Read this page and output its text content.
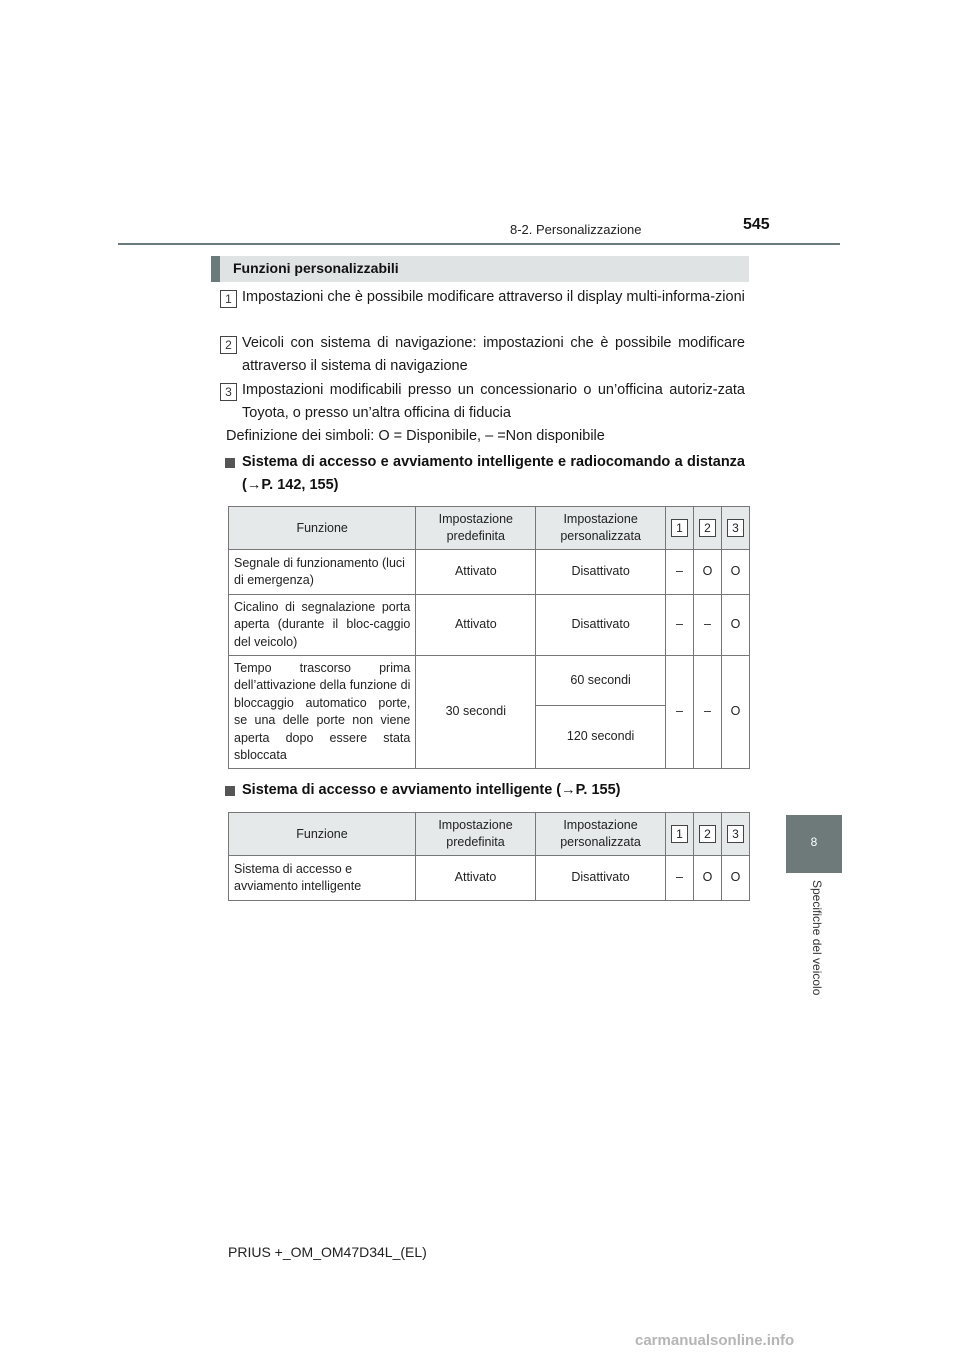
8-2. Personalizzazione	545
8
Specifiche del veicolo
Funzioni personalizzabili
1 Impostazioni che è possibile modificare attraverso il display multi-informa-zioni
2 Veicoli con sistema di navigazione: impostazioni che è possibile modificare attraverso il sistema di navigazione
3 Impostazioni modificabili presso un concessionario o un’officina autoriz-zata Toyota, o presso un’altra officina di fiducia
Definizione dei simboli: O = Disponibile, – =Non disponibile
Sistema di accesso e avviamento intelligente e radiocomando a distanza (→P. 142, 155)
Funzione	Impostazione predefinita	Impostazione personalizzata	1	2	3
Segnale di funzionamento (luci di emergenza)	Attivato	Disattivato	–	O	O
Cicalino di segnalazione porta aperta (durante il bloc-caggio del veicolo)	Attivato	Disattivato	–	–	O
Tempo trascorso prima dell’attivazione della funzione di bloccaggio automatico porte, se una delle porte non viene aperta dopo essere stata sbloccata	30 secondi	60 secondi	–	–	O
		120 secondi			
Sistema di accesso e avviamento intelligente (→P. 155)
Funzione	Impostazione predefinita	Impostazione personalizzata	1	2	3
Sistema di accesso e avviamento intelligente	Attivato	Disattivato	–	O	O
PRIUS +_OM_OM47D34L_(EL)
carmanualsonline.info
